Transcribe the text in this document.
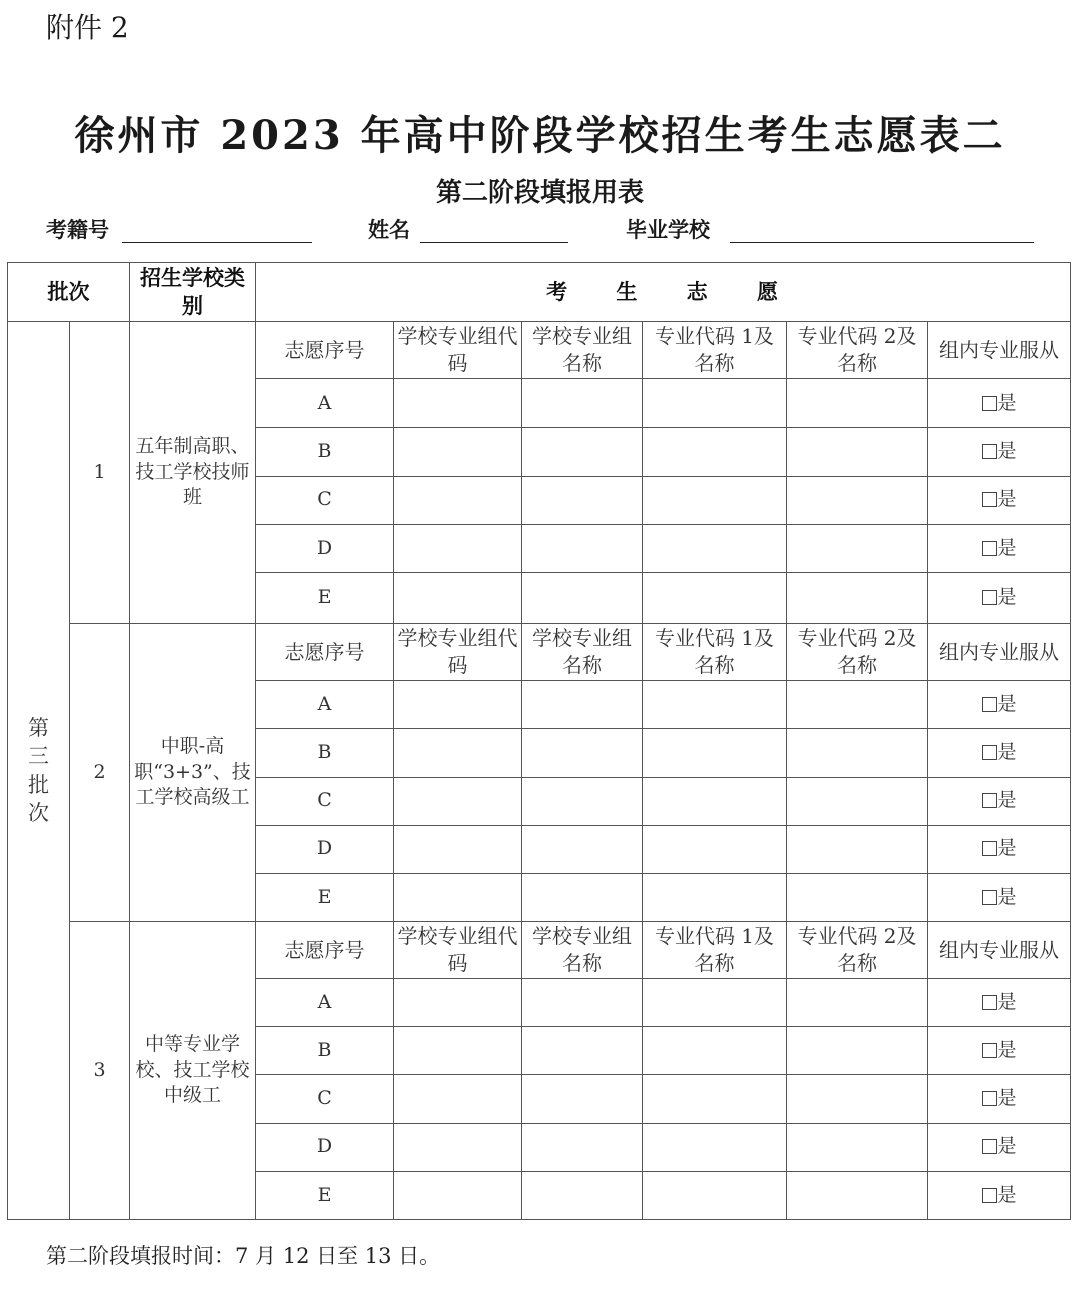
附件 2
徐州市 2023 年高中阶段学校招生考生志愿表二
第二阶段填报用表
考籍号	姓名	毕业学校
批次		招生学校类别	考 生 志 愿					

第
三
批
次	1	五年制高职、技工学校技师班	志愿序号	学校专业组代码	学校专业组名称	专业代码 1及名称	专业代码 2及名称	组内专业服从
			A					是
			B					是
			C					是
			D					是
			E					是
	2	中职-高职“3+3”、技工学校高级工	志愿序号	学校专业组代码	学校专业组名称	专业代码 1及名称	专业代码 2及名称	组内专业服从
			A					是
			B					是
			C					是
			D					是
			E					是
	3	中等专业学校、技工学校中级工	志愿序号	学校专业组代码	学校专业组名称	专业代码 1及名称	专业代码 2及名称	组内专业服从
			A					是
			B					是
			C					是
			D					是
			E					是
第二阶段填报时间：7 月 12 日至 13 日。
